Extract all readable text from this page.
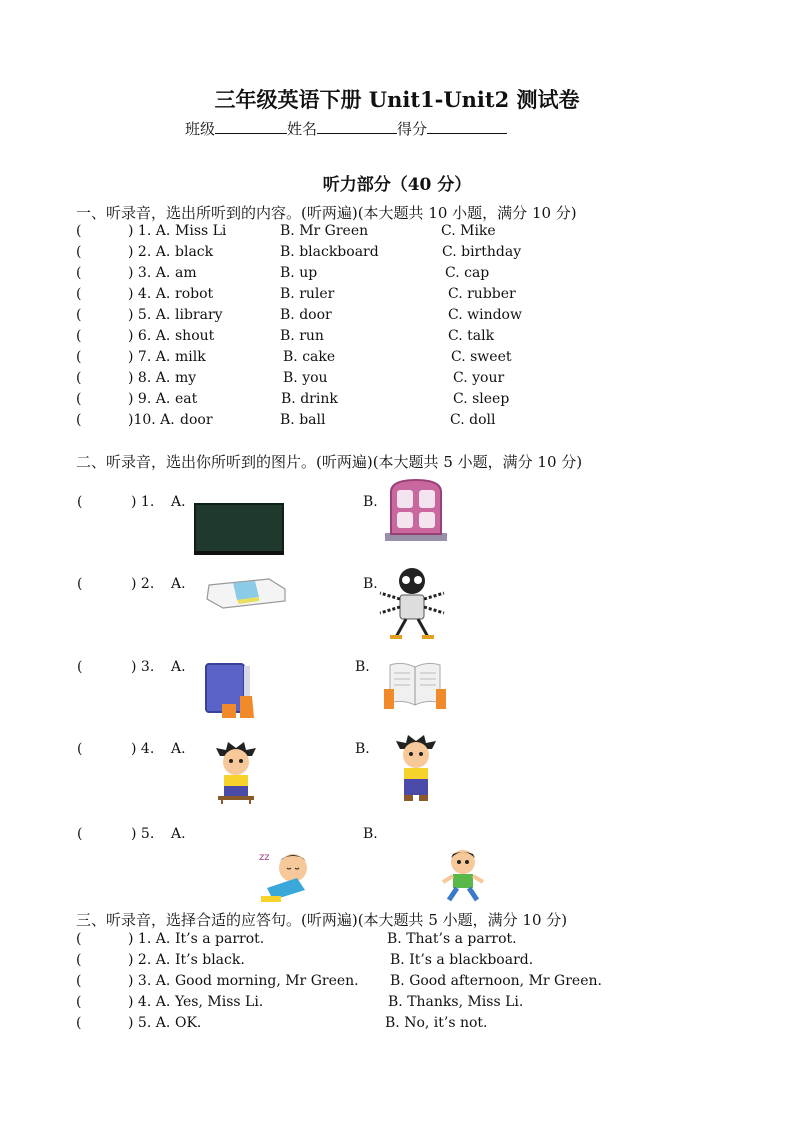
三年级英语下册 Unit1-Unit2 测试卷
班级	姓名	得分
听力部分（40 分）
一、听录音，选出所听到的内容。(听两遍)(本大题共 10 小题，满分 10 分)
(	) 1. A. Miss Li	B. Mr Green	C. Mike
(	) 2. A. black	B. blackboard	C. birthday
(	) 3. A. am	B. up	C. cap
(	) 4. A. robot	B. ruler	C. rubber
(	) 5. A. library	B. door	C. window
(	) 6. A. shout	B. run	C. talk
(	) 7. A. milk	B. cake	C. sweet
(	) 8. A. my	B. you	C. your
(	) 9. A. eat	B. drink	C. sleep
(	)10. A. door	B. ball	C. doll
二、听录音，选出你所听到的图片。(听两遍)(本大题共 5 小题，满分 10 分)
(	) 1. A.	B.
(	) 2. A.	B.
(	) 3. A.	B.
(	) 4. A.	B.
(	) 5. A.	B.
zz
三、听录音，选择合适的应答句。(听两遍)(本大题共 5 小题，满分 10 分)
(	) 1. A. It’s a parrot.	B. That’s a parrot.
(	) 2. A. It’s black.	B. It’s a blackboard.
(	) 3. A. Good morning, Mr Green. B. Good afternoon, Mr Green.
(	) 4. A. Yes, Miss Li.	B. Thanks, Miss Li.
(	) 5. A. OK.	B. No, it’s not.
